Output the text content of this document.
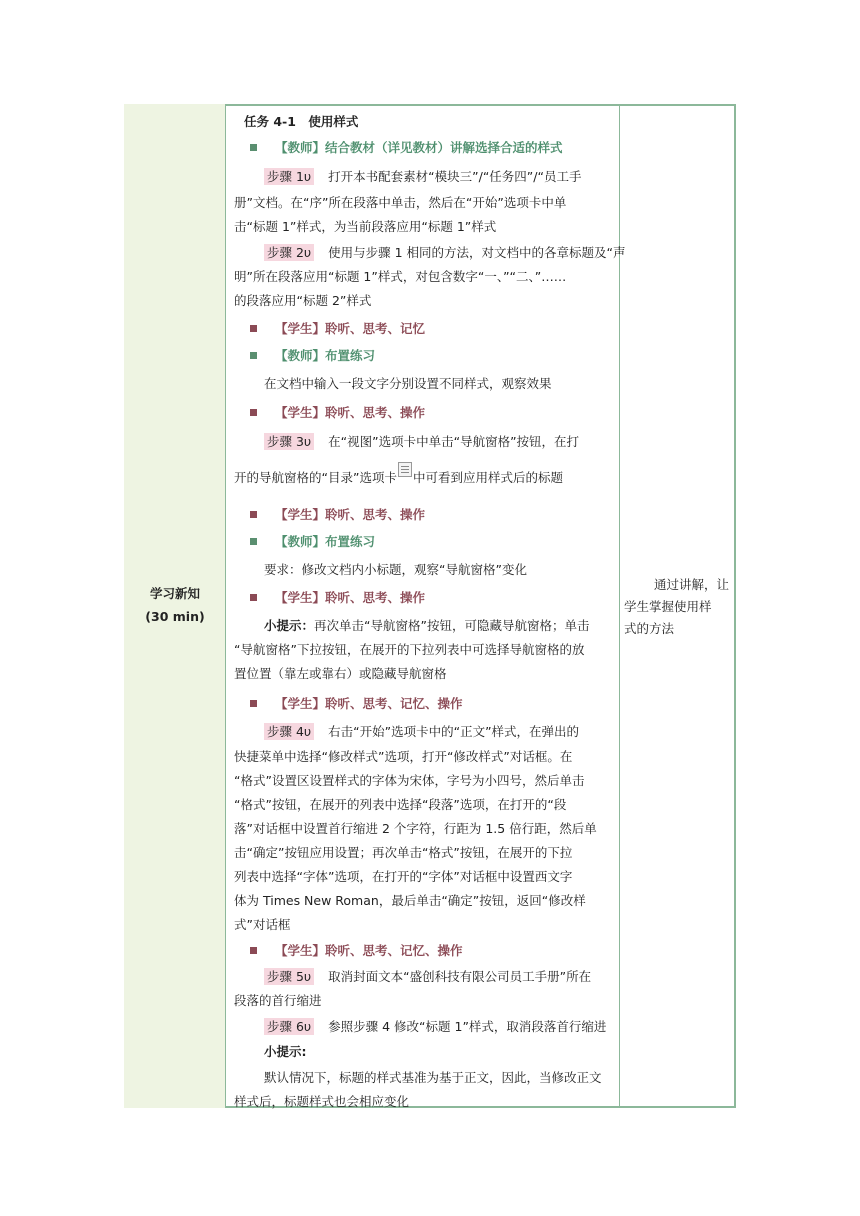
学习新知
(30 min)
通过讲解，让
学生掌握使用样
式的方法
任务 4-1　使用样式
【教师】结合教材（详见教材）讲解选择合适的样式
步骤 1υ 打开本书配套素材“模块三”/“任务四”/“员工手
册”文档。在“序”所在段落中单击，然后在“开始”选项卡中单
击“标题 1”样式，为当前段落应用“标题 1”样式
步骤 2υ 使用与步骤 1 相同的方法，对文档中的各章标题及“声
明”所在段落应用“标题 1”样式，对包含数字“一、”“二、”……
的段落应用“标题 2”样式
【学生】聆听、思考、记忆
【教师】布置练习
在文档中输入一段文字分别设置不同样式，观察效果
【学生】聆听、思考、操作
步骤 3υ 在“视图”选项卡中单击“导航窗格”按钮，在打
开的导航窗格的“目录”选项卡 中可看到应用样式后的标题
【学生】聆听、思考、操作
【教师】布置练习
要求：修改文档内小标题，观察“导航窗格”变化
【学生】聆听、思考、操作
小提示：再次单击“导航窗格”按钮，可隐藏导航窗格；单击
“导航窗格”下拉按钮，在展开的下拉列表中可选择导航窗格的放
置位置（靠左或靠右）或隐藏导航窗格
【学生】聆听、思考、记忆、操作
步骤 4υ 右击“开始”选项卡中的“正文”样式，在弹出的
快捷菜单中选择“修改样式”选项，打开“修改样式”对话框。在
“格式”设置区设置样式的字体为宋体，字号为小四号，然后单击
“格式”按钮，在展开的列表中选择“段落”选项，在打开的“段
落”对话框中设置首行缩进 2 个字符，行距为 1.5 倍行距，然后单
击“确定”按钮应用设置；再次单击“格式”按钮，在展开的下拉
列表中选择“字体”选项，在打开的“字体”对话框中设置西文字
体为 Times New Roman，最后单击“确定”按钮，返回“修改样
式”对话框
【学生】聆听、思考、记忆、操作
步骤 5υ 取消封面文本“盛创科技有限公司员工手册”所在
段落的首行缩进
步骤 6υ 参照步骤 4 修改“标题 1”样式，取消段落首行缩进
小提示:
默认情况下，标题的样式基准为基于正文，因此，当修改正文
样式后，标题样式也会相应变化
